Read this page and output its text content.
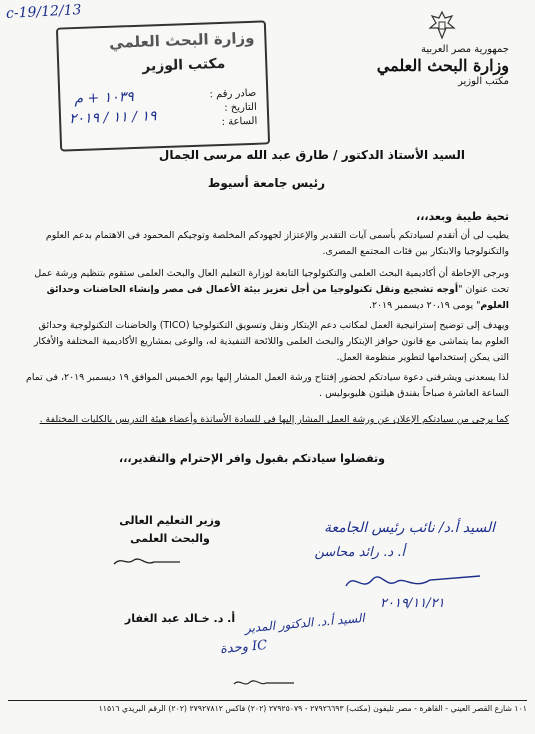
c-19/12/13
وزارة البحث العلمي
مكتب الوزير
صادر رقم :
التاريخ :
الساعة :
١٠٣٩ + م
١٩ / ١١ / ٢٠١٩
جمهورية مصر العربية
وزارة البحث العلمي
مكتب الوزير
السيد الأستاذ الدكتور / طارق عبد الله مرسى الجمال
رئيس جامعة أسيوط
تحية طيبة وبعد،،،
يطيب لى أن أتقدم لسيادتكم بأسمى آيات التقدير والإعتزاز لجهودكم المخلصة وتوجيكم المحمود فى الاهتمام بدعم العلوم والتكنولوجيا والابتكار بين فئات المجتمع المصرى.
وبرجى الإحاطة أن أكاديمية البحث العلمى والتكنولوجيا التابعة لوزارة التعليم العال والبحث العلمى ستقوم بتنظيم ورشة عمل تحت عنوان "أوجه تشجيع ونقل تكنولوجيا من أجل تعزيز بيئة الأعمال فى مصر وإنشاء الحاضنات وحدائق العلوم" يومى ٢٠،١٩ ديسمبر ٢٠١٩.
ويهدف إلى توضيح إستراتيجية العمل لمكاتب دعم الإبتكار ونقل وتسويق التكنولوجيا (TICO) والحاضنات التكنولوجية وحدائق العلوم بما يتماشى مع قانون حوافز الإبتكار والبحث العلمى واللائحة التنفيذية له، والوعى بمشاريع الأكاديمية المختلفة والأفكار التى يمكن إستخدامها لتطوير منظومة العمل.
لذا يسعدنى ويشرفنى دعوة سيادتكم لحضور إفتتاح ورشة العمل المشار إليها يوم الخميس الموافق ١٩ ديسمبر ٢٠١٩، فى تمام الساعة العاشرة صباحاً بفندق هيلتون هليوبوليس .
كما يرجى من سيادتكم الإعلان عن ورشة العمل المشار إليها فى للسادة الأساتذة وأعضاء هيئة التدريس بالكليات المختلفة .
وتفضلوا سيادتكم بقبول وافر الإحترام والتقدير،،،
وزير التعليم العالى
والبحث العلمى
أ. د. خـالد عبد الغفار
السيد أ.د/ نائب رئيس الجامعة
أ. د. رائد محاسن
٢٠١٩/١١/٢١
السيد أ.د. الدكتور المدير
وحدة IC
١٠١ شارع القصر العيني - القاهرة - مصر تليفون (مكتب) ٢٧٩٢٦٦٩٣ - ٢٧٩٢٥٠٧٩ (٢٠٢) فاكس ٢٧٩٢٧٨١٢ (٢٠٢) الرقم البريدي ١١٥١٦
